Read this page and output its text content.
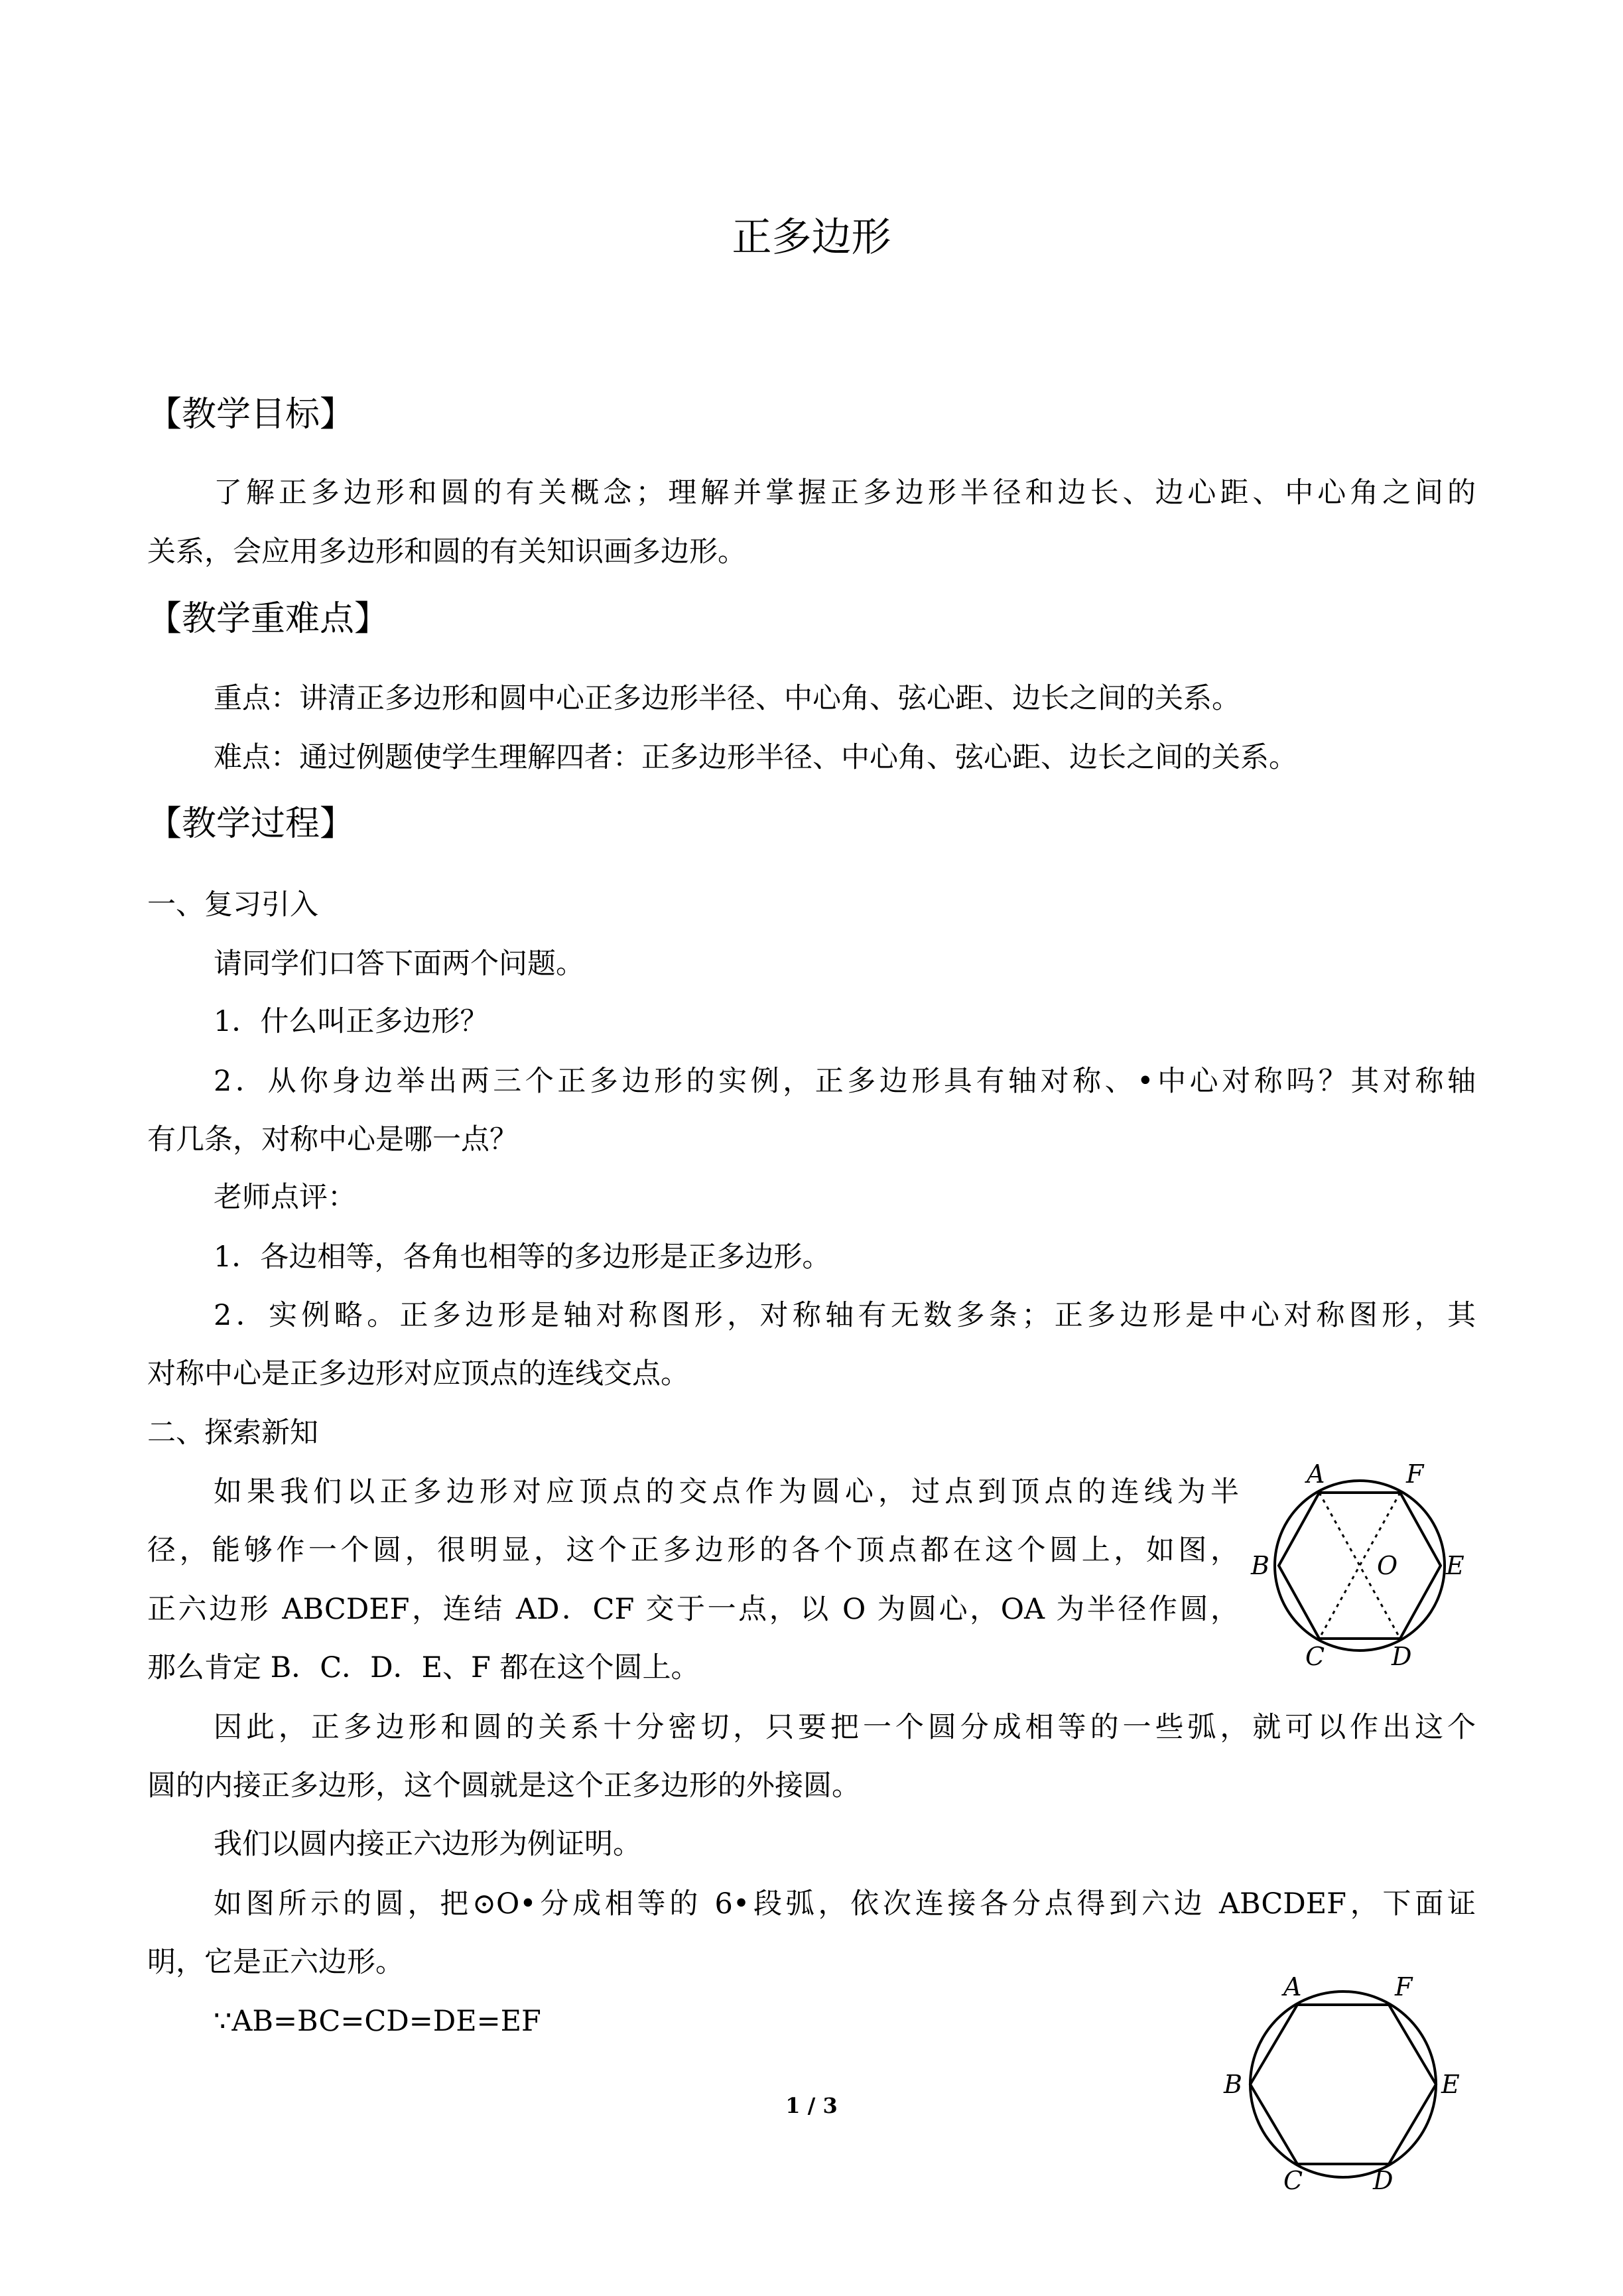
正多边形
【教学目标】
了解正多边形和圆的有关概念；理解并掌握正多边形半径和边长、边心距、中心角之间的
关系，会应用多边形和圆的有关知识画多边形。
【教学重难点】
重点：讲清正多边形和圆中心正多边形半径、中心角、弦心距、边长之间的关系。
难点：通过例题使学生理解四者：正多边形半径、中心角、弦心距、边长之间的关系。
【教学过程】
一、复习引入
请同学们口答下面两个问题。
1．什么叫正多边形？
2．从你身边举出两三个正多边形的实例，正多边形具有轴对称、•中心对称吗？其对称轴
有几条，对称中心是哪一点？
老师点评：
1．各边相等，各角也相等的多边形是正多边形。
2．实例略。正多边形是轴对称图形，对称轴有无数多条；正多边形是中心对称图形，其
对称中心是正多边形对应顶点的连线交点。
二、探索新知
如果我们以正多边形对应顶点的交点作为圆心，过点到顶点的连线为半
径，能够作一个圆，很明显，这个正多边形的各个顶点都在这个圆上，如图，
正六边形 ABCDEF，连结 AD．CF 交于一点，以 O 为圆心，OA 为半径作圆，
那么肯定 B．C．D．E、F 都在这个圆上。
因此，正多边形和圆的关系十分密切，只要把一个圆分成相等的一些弧，就可以作出这个
圆的内接正多边形，这个圆就是这个正多边形的外接圆。
我们以圆内接正六边形为例证明。
如图所示的圆，把⊙O•分成相等的 6•段弧，依次连接各分点得到六边 ABCDEF，下面证
明，它是正六边形。
∵AB=BC=CD=DE=EF
A	F
B	O E
C	D
A	F
B	E
C	D
1 / 3
